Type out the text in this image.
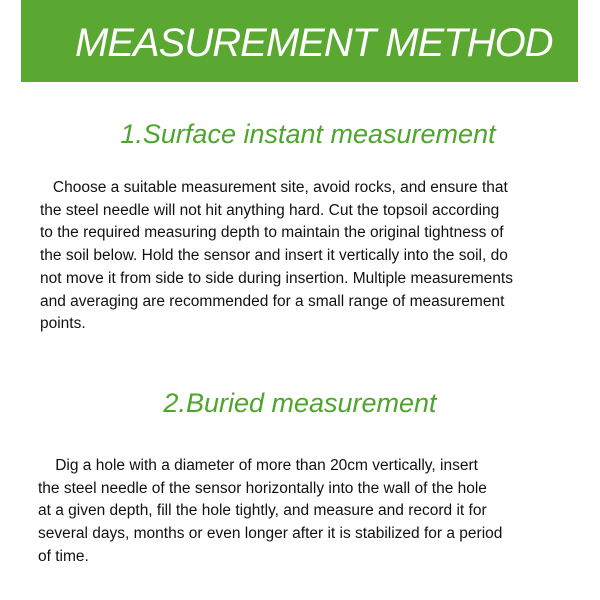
MEASUREMENT METHOD
1.Surface instant measurement
Choose a suitable measurement site, avoid rocks, and ensure that
the steel needle will not hit anything hard. Cut the topsoil according
to the required measuring depth to maintain the original tightness of
the soil below. Hold the sensor and insert it vertically into the soil, do
not move it from side to side during insertion. Multiple measurements
and averaging are recommended for a small range of measurement
points.
2.Buried measurement
Dig a hole with a diameter of more than 20cm vertically, insert
the steel needle of the sensor horizontally into the wall of the hole
at a given depth, fill the hole tightly, and measure and record it for
several days, months or even longer after it is stabilized for a period
of time.
